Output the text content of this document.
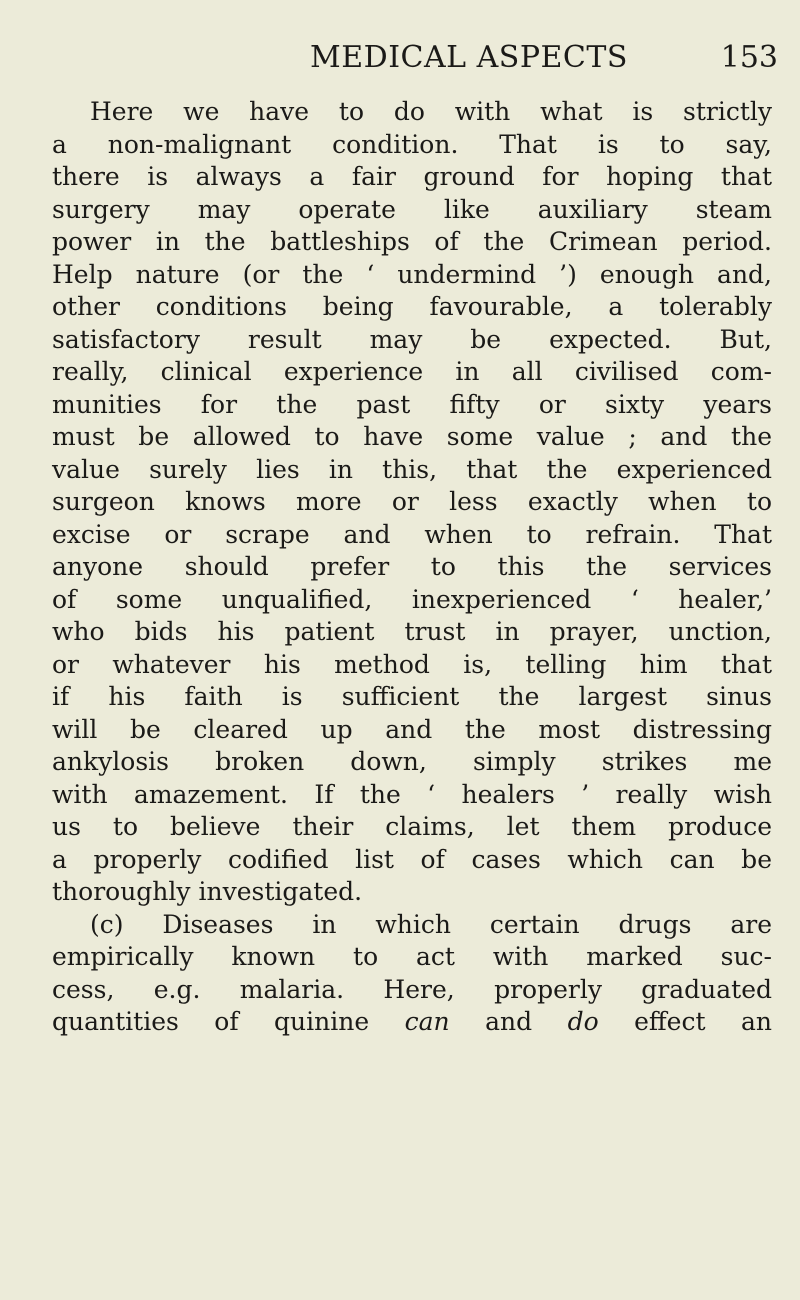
MEDICAL ASPECTS	153
Here we have to do with what is strictly
a non-malignant condition. That is to say,
there is always a fair ground for hoping that
surgery may operate like auxiliary steam
power in the battleships of the Crimean period.
Help nature (or the ‘ undermind ’) enough and,
other conditions being favourable, a tolerably
satisfactory result may be expected. But,
really, clinical experience in all civilised com-
munities for the past fifty or sixty years
must be allowed to have some value ; and the
value surely lies in this, that the experienced
surgeon knows more or less exactly when to
excise or scrape and when to refrain. That
anyone should prefer to this the services
of some unqualified, inexperienced ‘ healer,’
who bids his patient trust in prayer, unction,
or whatever his method is, telling him that
if his faith is sufficient the largest sinus
will be cleared up and the most distressing
ankylosis broken down, simply strikes me
with amazement. If the ‘ healers ’ really wish
us to believe their claims, let them produce
a properly codified list of cases which can be
thoroughly investigated.
(c) Diseases in which certain drugs are
empirically known to act with marked suc-
cess, e.g. malaria. Here, properly graduated
quantities of quinine can and do effect an
